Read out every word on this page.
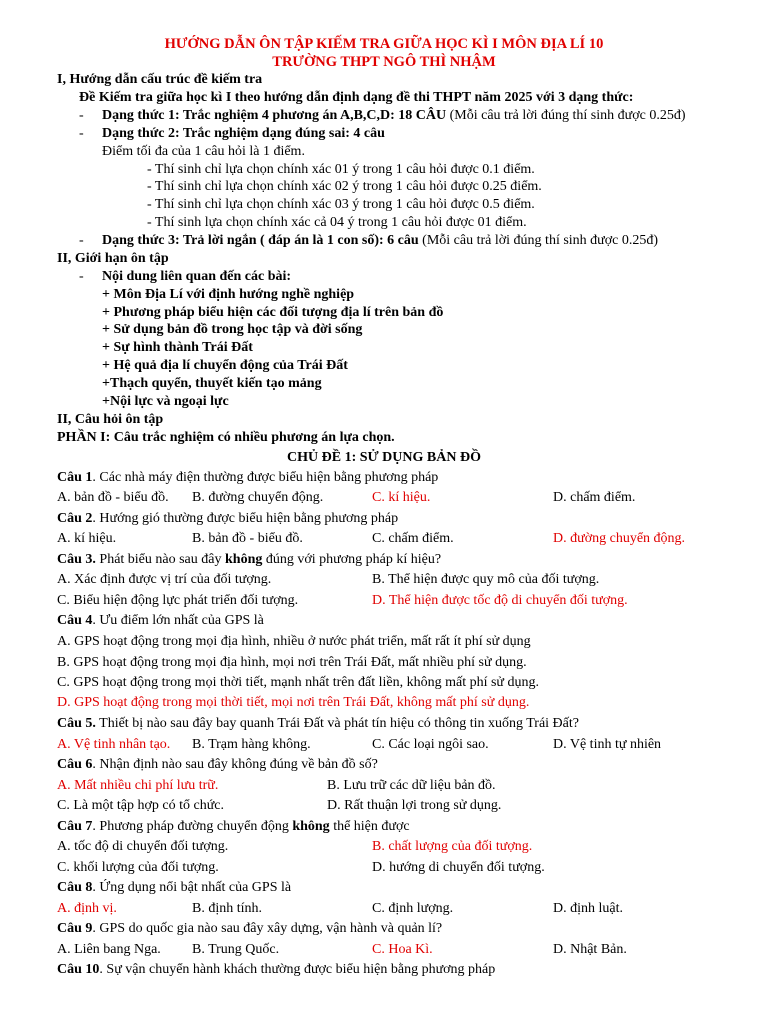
HƯỚNG DẪN ÔN TẬP KIẾM TRA GIỮA HỌC KÌ I MÔN ĐỊA LÍ 10
TRƯỜNG THPT NGÔ THÌ NHẬM
I, Hướng dẫn cấu trúc đề kiếm tra
Đề Kiếm tra giữa học kì I theo hướng dẫn định dạng đề thi THPT năm 2025 với 3 dạng thức:
- Dạng thức 1: Trắc nghiệm 4 phương án A,B,C,D: 18 CÂU (Mỗi câu trả lời đúng thí sinh được 0.25đ)
- Dạng thức 2: Trắc nghiệm dạng đúng sai: 4 câu
Điểm tối đa của 1 câu hỏi là 1 điểm.
- Thí sinh chỉ lựa chọn chính xác 01 ý trong 1 câu hỏi được 0.1 điểm.
- Thí sinh chỉ lựa chọn chính xác 02 ý trong 1 câu hỏi được 0.25 điểm.
- Thí sinh chỉ lựa chọn chính xác 03 ý trong 1 câu hỏi được 0.5 điểm.
- Thí sinh lựa chọn chính xác cả 04 ý trong 1 câu hỏi được 01 điểm.
- Dạng thức 3: Trả lời ngắn ( đáp án là 1 con số): 6 câu (Mỗi câu trả lời đúng thí sinh được 0.25đ)
II, Giới hạn ôn tập
- Nội dung liên quan đến các bài:
+ Môn Địa Lí với định hướng nghề nghiệp
+ Phương pháp biểu hiện các đối tượng địa lí trên bản đồ
+ Sử dụng bản đồ trong học tập và đời sống
+ Sự hình thành Trái Đất
+ Hệ quả địa lí chuyển động của Trái Đất
+Thạch quyển, thuyết kiến tạo mảng
+Nội lực và ngoại lực
II, Câu hỏi ôn tập
PHẦN I: Câu trắc nghiệm có nhiều phương án lựa chọn.
CHỦ ĐỀ 1: SỬ DỤNG BẢN ĐỒ
Câu 1. Các nhà máy điện thường được biểu hiện bằng phương pháp
A. bản đồ - biểu đồ. B. đường chuyển động.	C. kí hiệu.	D. chấm điểm.
Câu 2. Hướng gió thường được biểu hiện bằng phương pháp
A. kí hiệu.	B. bản đồ - biểu đồ.	C. chấm điểm.	D. đường chuyển động.
Câu 3. Phát biểu nào sau đây không đúng với phương pháp kí hiệu?
A. Xác định được vị trí của đối tượng.	B. Thể hiện được quy mô của đối tượng.
C. Biểu hiện động lực phát triển đối tượng.	D. Thể hiện được tốc độ di chuyển đối tượng.
Câu 4. Ưu điểm lớn nhất của GPS là
A. GPS hoạt động trong mọi địa hình, nhiều ở nước phát triển, mất rất ít phí sử dụng
B. GPS hoạt động trong mọi địa hình, mọi nơi trên Trái Đất, mất nhiều phí sử dụng.
C. GPS hoạt động trong mọi thời tiết, mạnh nhất trên đất liền, không mất phí sử dụng.
D. GPS hoạt động trong mọi thời tiết, mọi nơi trên Trái Đất, không mất phí sử dụng.
Câu 5. Thiết bị nào sau đây bay quanh Trái Đất và phát tín hiệu có thông tin xuống Trái Đất?
A. Vệ tinh nhân tạo. B. Trạm hàng không.	C. Các loại ngôi sao.	D. Vệ tinh tự nhiên
Câu 6. Nhận định nào sau đây không đúng về bản đồ số?
A. Mất nhiều chi phí lưu trữ.	B. Lưu trữ các dữ liệu bản đồ.
C. Là một tập hợp có tổ chức.	D. Rất thuận lợi trong sử dụng.
Câu 7. Phương pháp đường chuyển động không thể hiện được
A. tốc độ di chuyển đối tượng.	B. chất lượng của đối tượng.
C. khối lượng của đối tượng.	D. hướng di chuyển đối tượng.
Câu 8. Ứng dụng nổi bật nhất của GPS là
A. định vị.	B. định tính.	C. định lượng.	D. định luật.
Câu 9. GPS do quốc gia nào sau đây xây dựng, vận hành và quản lí?
A. Liên bang Nga. B. Trung Quốc.	C. Hoa Kì.	D. Nhật Bản.
Câu 10. Sự vận chuyển hành khách thường được biểu hiện bằng phương pháp
